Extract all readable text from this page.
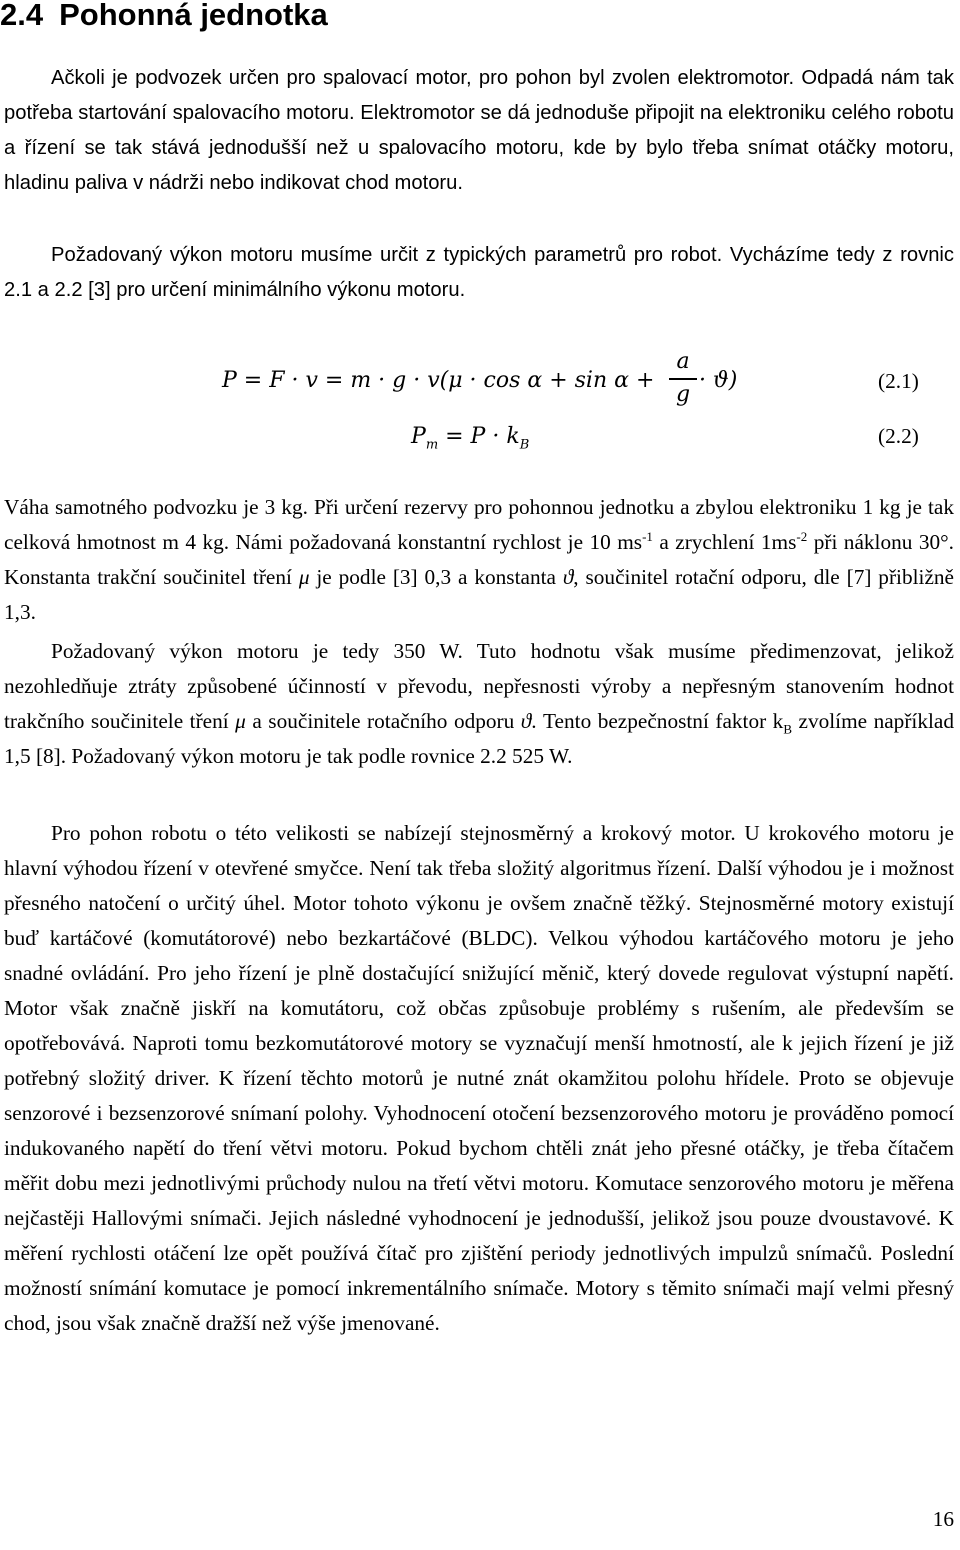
2.4 Pohonná jednotka

Ačkoli je podvozek určen pro spalovací motor, pro pohon byl zvolen elektromotor. Odpadá nám tak potřeba startování spalovacího motoru. Elektromotor se dá jednoduše připojit na elektroniku celého robotu a řízení se tak stává jednodušší než u spalovacího motoru, kde by bylo třeba snímat otáčky motoru, hladinu paliva v nádrži nebo indikovat chod motoru.

Požadovaný výkon motoru musíme určit z typických parametrů pro robot. Vycházíme tedy z rovnic 2.1 a 2.2 [3] pro určení minimálního výkonu motoru.

P = F · v = m · g · v(μ · cos α + sin α +
a
g
· ϑ)	(2.1)
$P_m = P \cdot k_B$	(2.2)

Váha samotného podvozku je 3 kg. Při určení rezervy pro pohonnou jednotku a zbylou elektroniku 1 kg je tak celková hmotnost m 4 kg. Námi požadovaná konstantní rychlost je 10 $ms^{-1}$ a zrychlení $1ms^{-2}$ při náklonu 30°. Konstanta trakční součinitel tření μ je podle [3] 0,3 a konstanta ϑ, součinitel rotační odporu, dle [7] přibližně 1,3.

Požadovaný výkon motoru je tedy 350 W. Tuto hodnotu však musíme předimenzovat, jelikož nezohledňuje ztráty způsobené účinností v převodu, nepřesnosti výroby a nepřesným stanovením hodnot trakčního součinitele tření μ a součinitele rotačního odporu ϑ. Tento bezpečnostní faktor $k_B$ zvolíme například 1,5 [8]. Požadovaný výkon motoru je tak podle rovnice 2.2 525 W.

Pro pohon robotu o této velikosti se nabízejí stejnosměrný a krokový motor. U krokového motoru je hlavní výhodou řízení v otevřené smyčce. Není tak třeba složitý algoritmus řízení. Další výhodou je i možnost přesného natočení o určitý úhel. Motor tohoto výkonu je ovšem značně těžký. Stejnosměrné motory existují buď kartáčové (komutátorové) nebo bezkartáčové (BLDC). Velkou výhodou kartáčového motoru je jeho snadné ovládání. Pro jeho řízení je plně dostačující snižující měnič, který dovede regulovat výstupní napětí. Motor však značně jiskří na komutátoru, což občas způsobuje problémy s rušením, ale především se opotřebovává. Naproti tomu bezkomutátorové motory se vyznačují menší hmotností, ale k jejich řízení je již potřebný složitý driver. K řízení těchto motorů je nutné znát okamžitou polohu hřídele. Proto se objevuje senzorové i bezsenzorové snímaní polohy. Vyhodnocení otočení bezsenzorového motoru je prováděno pomocí indukovaného napětí do tření větvi motoru. Pokud bychom chtěli znát jeho přesné otáčky, je třeba čítačem měřit dobu mezi jednotlivými průchody nulou na třetí větvi motoru. Komutace senzorového motoru je měřena nejčastěji Hallovými snímači. Jejich následné vyhodnocení je jednodušší, jelikož jsou pouze dvoustavové. K měření rychlosti otáčení lze opět používá čítač pro zjištění periody jednotlivých impulzů snímačů. Poslední možností snímání komutace je pomocí inkrementálního snímače. Motory s těmito snímači mají velmi přesný chod, jsou však značně dražší než výše jmenované.

16
